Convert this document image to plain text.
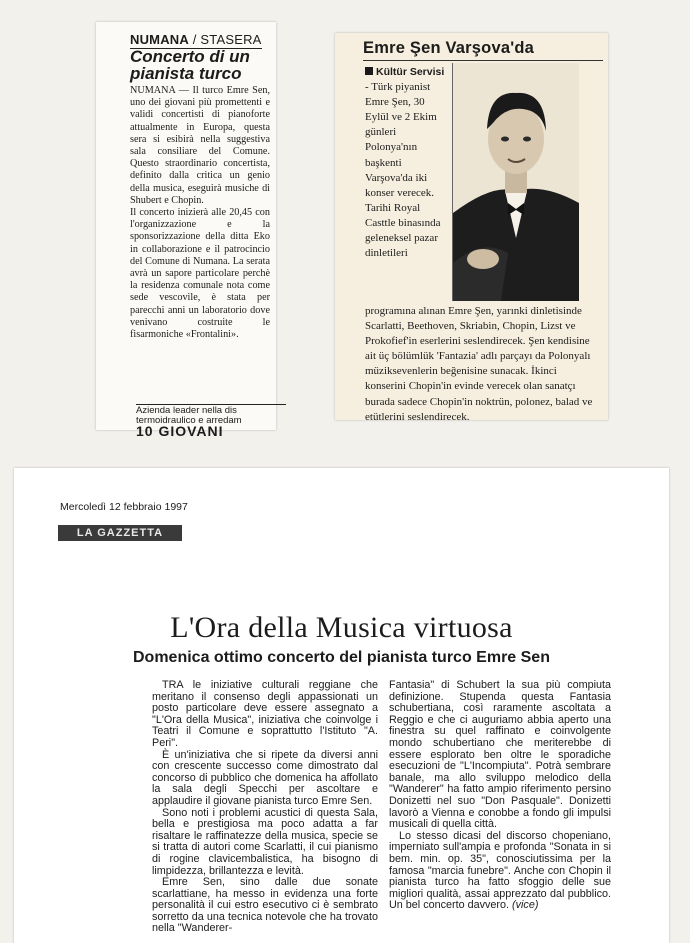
NUMANA / STASERA
Concerto di un pianista turco

NUMANA — Il turco Emre Sen, uno dei giovani più promettenti e validi concertisti di pianoforte attualmente in Europa, questa sera si esibirà nella suggestiva sala consiliare del Comune. Questo straordinario concertista, definito dalla critica un genio della musica, eseguirà musiche di Shubert e Chopin.

Il concerto inizierà alle 20,45 con l'organizzazione e la sponsorizzazione della ditta Eko in collaborazione e il patrocincio del Comune di Numana. La serata avrà un sapore particolare perchè la residenza comunale nota come sede vescovile, è stata per parecchi anni un laboratorio dove venivano costruite le fisarmoniche «Frontalini».

Azienda leader nella dis
termoidraulico e arredam
10 GIOVANI
Emre Şen Varşova'da

Kültür Servisi - Türk piyanist Emre Şen, 30 Eylül ve 2 Ekim günleri Polonya'nın başkenti Varşova'da iki konser verecek. Tarihi Royal Casttle binasında geleneksel pazar dinletileri

programına alınan Emre Şen, yarınki dinletisinde Scarlatti, Beethoven, Skriabin, Chopin, Lizst ve Prokofief'in eserlerini seslendirecek. Şen kendisine ait üç bölümlük 'Fantazia' adlı parçayı da Polonyalı müziksevenlerin beğenisine sunacak. İkinci konserini Chopin'in evinde verecek olan sanatçı burada sadece Chopin'in noktrün, polonez, balad ve etütlerini seslendirecek.

Mercoledì 12 febbraio 1997
LA GAZZETTA
L'Ora della Musica virtuosa
Domenica ottimo concerto del pianista turco Emre Sen

TRA le iniziative culturali reggiane che meritano il consenso degli appassionati un posto particolare deve essere assegnato a "L'Ora della Musica", iniziativa che coinvolge i Teatri il Comune e soprattutto l'Istituto "A. Peri".

È un'iniziativa che si ripete da diversi anni con crescente successo come dimostrato dal concorso di pubblico che domenica ha affollato la sala degli Specchi per ascoltare e applaudire il giovane pianista turco Emre Sen.

Sono noti i problemi acustici di questa Sala, bella e prestigiosa ma poco adatta a far risaltare le raffinatezze della musica, specie se si tratta di autori come Scarlatti, il cui pianismo di rogine clavicembalistica, ha bisogno di limpidezza, brillantezza e levità.

Emre Sen, sino dalle due sonate scarlattiane, ha messo in evidenza una forte personalità il cui estro esecutivo ci è sembrato sorretto da una tecnica notevole che ha trovato nella "Wanderer-

Fantasia" di Schubert la sua più compiuta definizione. Stupenda questa Fantasia schubertiana, così raramente ascoltata a Reggio e che ci auguriamo abbia aperto una finestra su quel raffinato e coinvolgente mondo schubertiano che meriterebbe di essere esplorato ben oltre le sporadiche esecuzioni de "L'Incompiuta". Potrà sembrare banale, ma allo sviluppo melodico della "Wanderer" ha fatto ampio riferimento persino Donizetti nel suo "Don Pasquale". Donizetti lavorò a Vienna e conobbe a fondo gli impulsi musicali di quella città.

Lo stesso dicasi del discorso chopeniano, imperniato sull'ampia e profonda "Sonata in si bem. min. op. 35", conosciutissima per la famosa "marcia funebre". Anche con Chopin il pianista turco ha fatto sfoggio delle sue migliori qualità, assai apprezzato dal pubblico. Un bel concerto davvero. (vice)
